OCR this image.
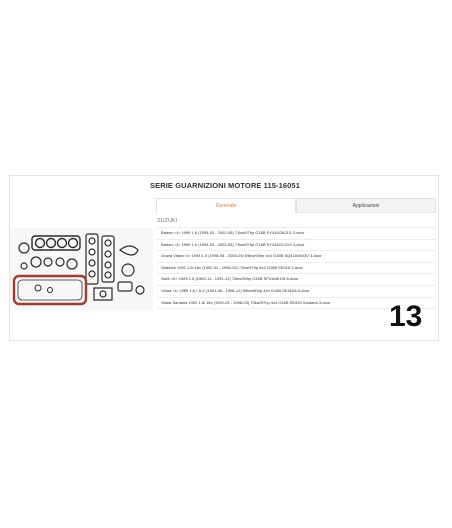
SERIE GUARNIZIONI MOTORE 115-16051
Generale	Applicazioni
SUZUKI
Baleno <I> 1995 1.6 (1995-03 - 2002-05) 71kw/97hp G16B SY416GA21S 3-door
Baleno <I> 1995 1.6 (1995-03 - 2002-05) 71kw/97hp G16B SY416GC31S 4-door
Grand Vitara <I> 1998 1.6 (1998-08 - 2005-04) 69kw/94hp 4x4 G16B SQ416VA03V 3-door
Sidekick 1992 1.6i 16v (1992-01 - 1998-10) 71kw/97hp 4x4 G16B SE416 3-door
Swift <II> 1989 1.6 (1989-11 - 1991-12) 70kw/95hp G16B SF416AH16 5-door
Vitara <I> 1989 1.6 i JLX (1991-06 - 1998-12) 59kw/80hp 4x4 G16B SE416A 5-door
Vitara Santana 1992 1.6i 16v (1992-01 - 1998-03) 73kw/97hp 4x4 G16B SE416 Santana 3-door	13
